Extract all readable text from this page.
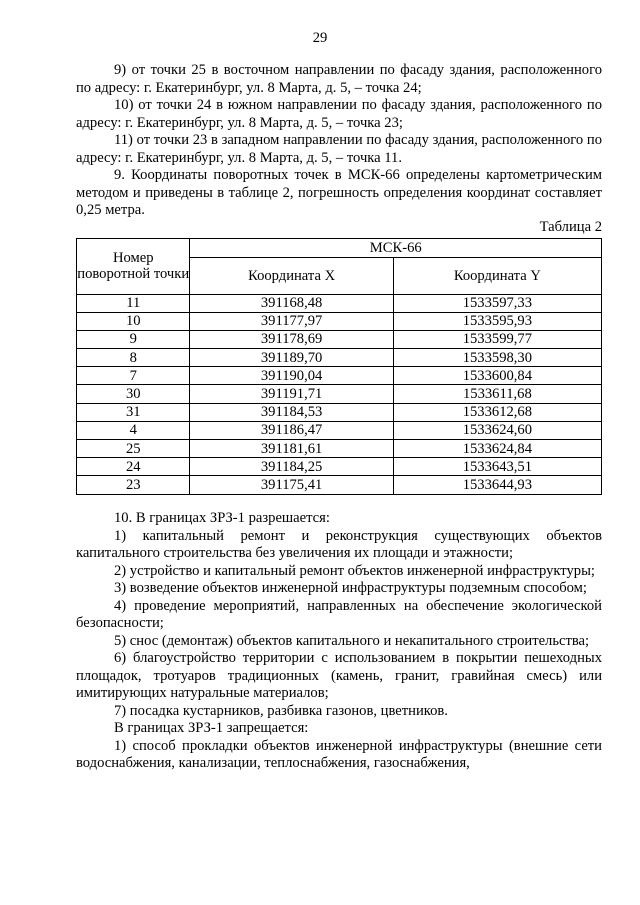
29

9) от точки 25 в восточном направлении по фасаду здания, расположенного по адресу: г. Екатеринбург, ул. 8 Марта, д. 5, – точка 24;

10) от точки 24 в южном направлении по фасаду здания, расположенного по адресу: г. Екатеринбург, ул. 8 Марта, д. 5, – точка 23;

11) от точки 23 в западном направлении по фасаду здания, расположенного по адресу: г. Екатеринбург, ул. 8 Марта, д. 5, – точка 11.

9. Координаты поворотных точек в МСК-66 определены картометрическим методом и приведены в таблице 2, погрешность определения координат составляет 0,25 метра.

Таблица 2

Номер поворотной точки	МСК-66	
	Координата X	Координата Y
11	391168,48	1533597,33
10	391177,97	1533595,93
9	391178,69	1533599,77
8	391189,70	1533598,30
7	391190,04	1533600,84
30	391191,71	1533611,68
31	391184,53	1533612,68
4	391186,47	1533624,60
25	391181,61	1533624,84
24	391184,25	1533643,51
23	391175,41	1533644,93

10. В границах ЗРЗ-1 разрешается:

1) капитальный ремонт и реконструкция существующих объектов капитального строительства без увеличения их площади и этажности;

2) устройство и капитальный ремонт объектов инженерной инфраструктуры;

3) возведение объектов инженерной инфраструктуры подземным способом;

4) проведение мероприятий, направленных на обеспечение экологической безопасности;

5) снос (демонтаж) объектов капитального и некапитального строительства;

6) благоустройство территории с использованием в покрытии пешеходных площадок, тротуаров традиционных (камень, гранит, гравийная смесь) или имитирующих натуральные материалов;

7) посадка кустарников, разбивка газонов, цветников.

В границах ЗРЗ-1 запрещается:

1) способ прокладки объектов инженерной инфраструктуры (внешние сети водоснабжения, канализации, теплоснабжения, газоснабжения,
